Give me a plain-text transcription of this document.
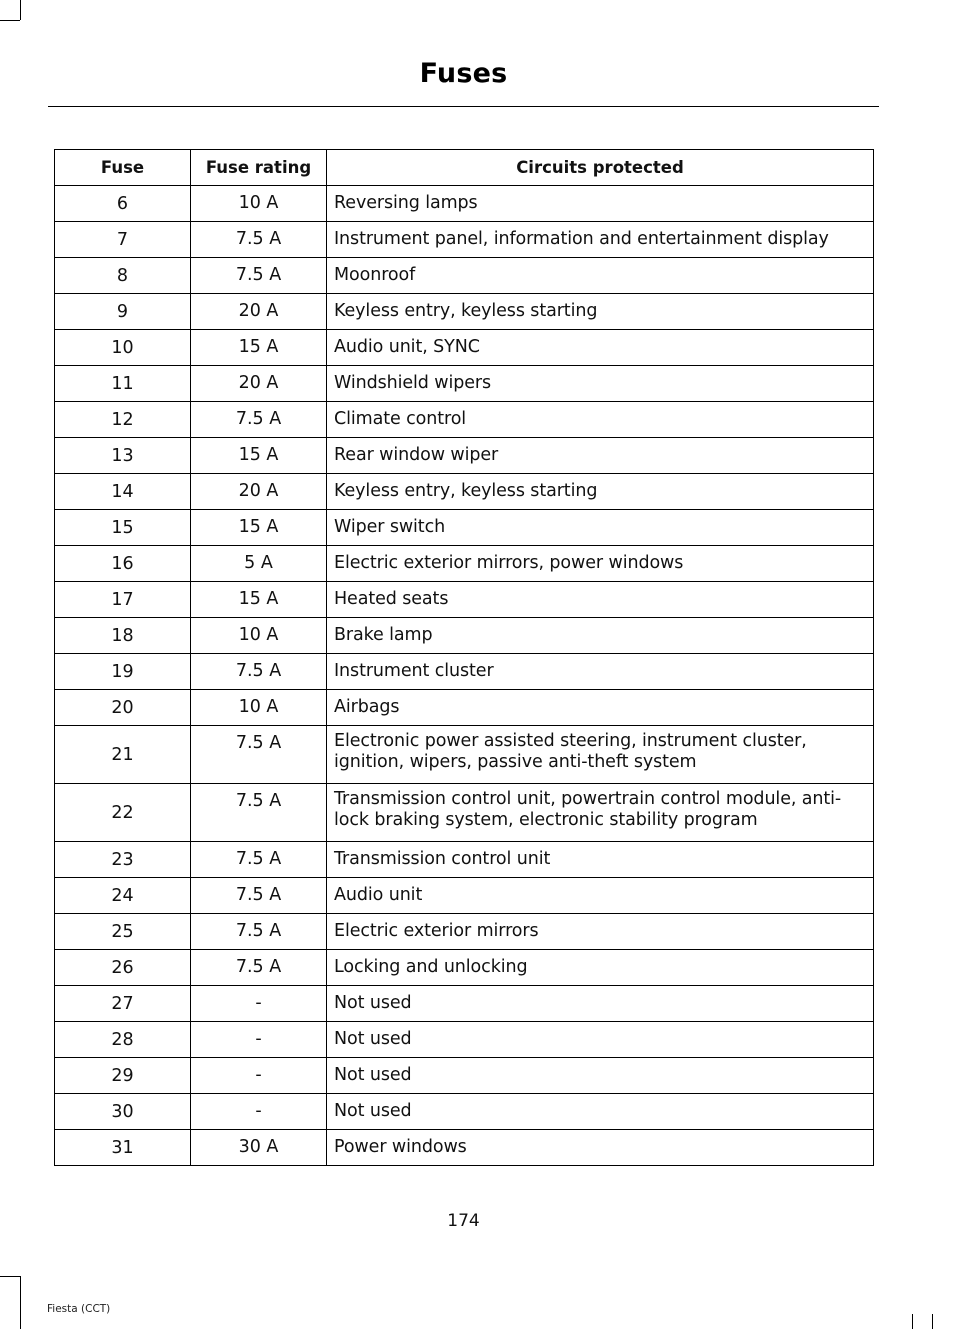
Fuses
Fuse	Fuse rating	Circuits protected
6	10 A	Reversing lamps
7	7.5 A	Instrument panel, information and entertainment display
8	7.5 A	Moonroof
9	20 A	Keyless entry, keyless starting
10	15 A	Audio unit, SYNC
11	20 A	Windshield wipers
12	7.5 A	Climate control
13	15 A	Rear window wiper
14	20 A	Keyless entry, keyless starting
15	15 A	Wiper switch
16	5 A	Electric exterior mirrors, power windows
17	15 A	Heated seats
18	10 A	Brake lamp
19	7.5 A	Instrument cluster
20	10 A	Airbags
21	7.5 A	Electronic power assisted steering, instrument cluster, ignition, wipers, passive anti-theft system
22	7.5 A	Transmission control unit, powertrain control module, anti-lock braking system, electronic stability program
23	7.5 A	Transmission control unit
24	7.5 A	Audio unit
25	7.5 A	Electric exterior mirrors
26	7.5 A	Locking and unlocking
27	-	Not used
28	-	Not used
29	-	Not used
30	-	Not used
31	30 A	Power windows
174
Fiesta (CCT)
